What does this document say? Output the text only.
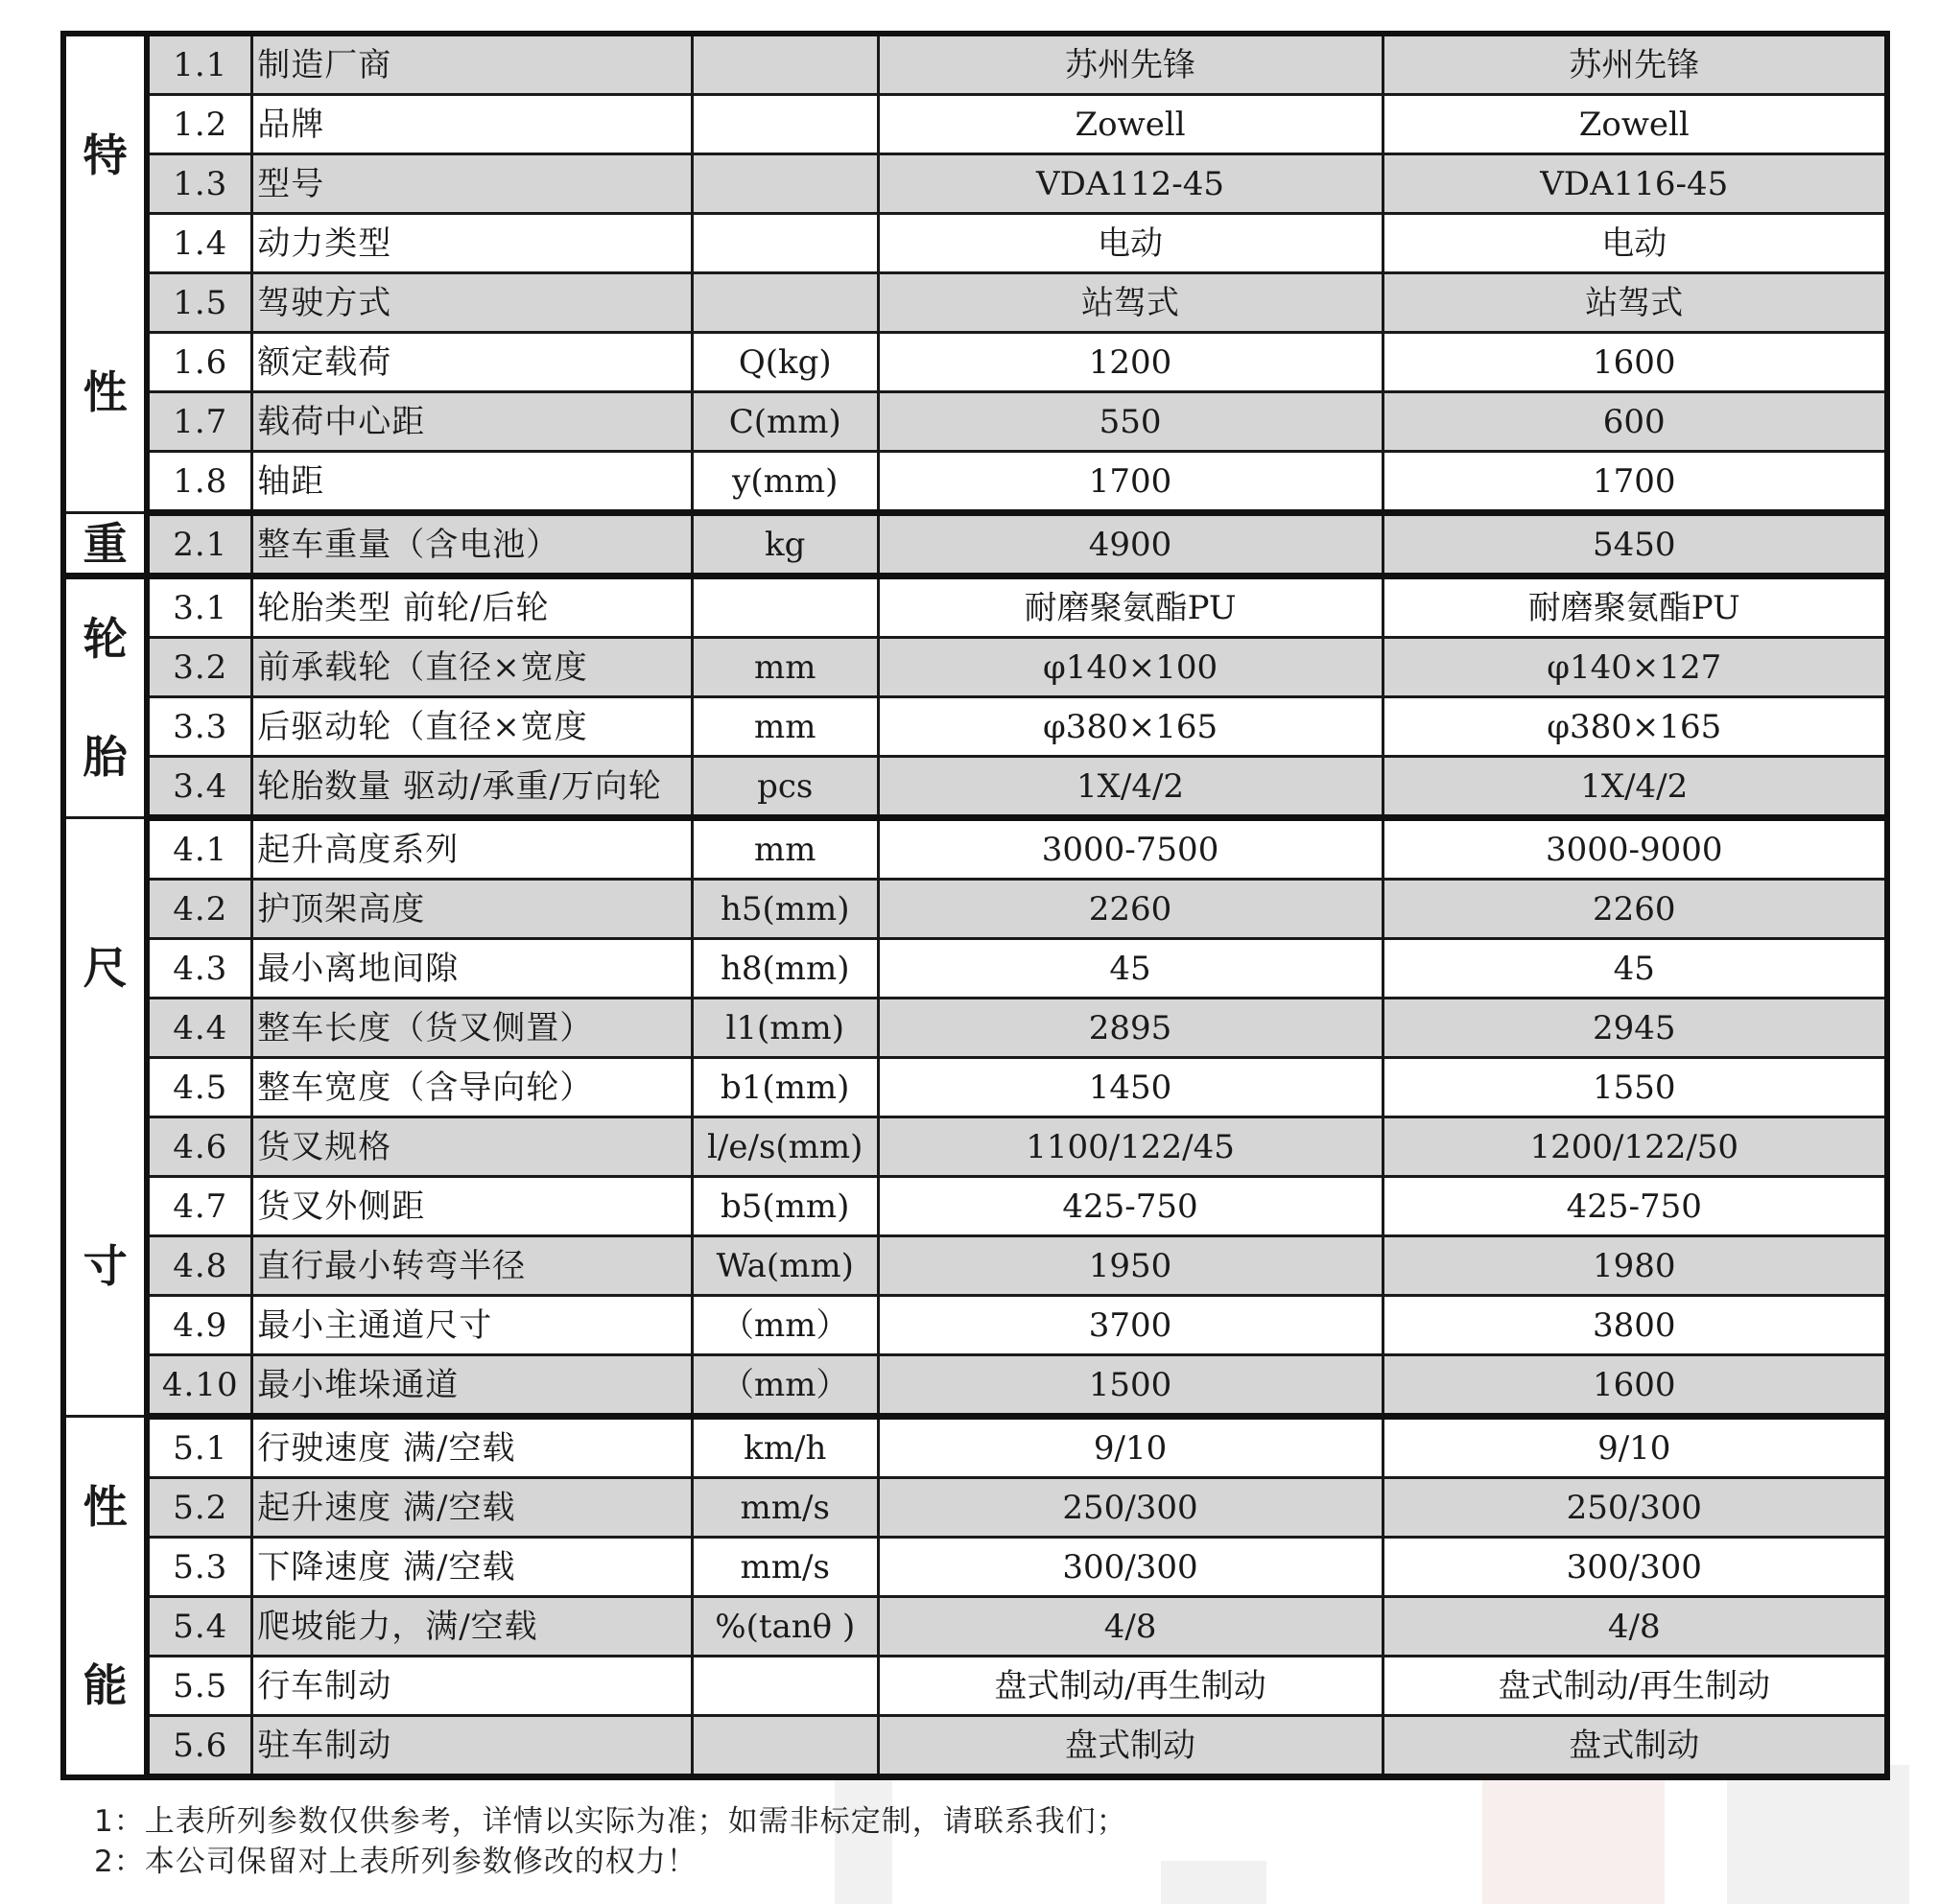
特
性	1.1	制造厂商		苏州先锋	苏州先锋
	1.2	品牌		Zowell	Zowell
	1.3	型号		VDA112-45	VDA116-45
	1.4	动力类型		电动	电动
	1.5	驾驶方式		站驾式	站驾式
	1.6	额定载荷	Q(kg)	1200	1600
	1.7	载荷中心距	C(mm)	550	600
	1.8	轴距	y(mm)	1700	1700

重	2.1	整车重量（含电池）	kg	4900	5450

轮
胎	3.1	轮胎类型 前轮/后轮		耐磨聚氨酯PU	耐磨聚氨酯PU
	3.2	前承载轮（直径×宽度	mm	φ140×100	φ140×127
	3.3	后驱动轮（直径×宽度	mm	φ380×165	φ380×165
	3.4	轮胎数量 驱动/承重/万向轮	pcs	1X/4/2	1X/4/2

尺
寸	4.1	起升高度系列	mm	3000-7500	3000-9000
	4.2	护顶架高度	h5(mm)	2260	2260
	4.3	最小离地间隙	h8(mm)	45	45
	4.4	整车长度（货叉侧置）	l1(mm)	2895	2945
	4.5	整车宽度（含导向轮）	b1(mm)	1450	1550
	4.6	货叉规格	l/e/s(mm)	1100/122/45	1200/122/50
	4.7	货叉外侧距	b5(mm)	425-750	425-750
	4.8	直行最小转弯半径	Wa(mm)	1950	1980
	4.9	最小主通道尺寸	（mm）	3700	3800
	4.10	最小堆垛通道	（mm）	1500	1600

性
能	5.1	行驶速度 满/空载	km/h	9/10	9/10
	5.2	起升速度 满/空载	mm/s	250/300	250/300
	5.3	下降速度 满/空载	mm/s	300/300	300/300
	5.4	爬坡能力，满/空载	%(tanθ )	4/8	4/8
	5.5	行车制动		盘式制动/再生制动	盘式制动/再生制动
	5.6	驻车制动		盘式制动	盘式制动
1：上表所列参数仅供参考，详情以实际为准；如需非标定制，请联系我们；
2：本公司保留对上表所列参数修改的权力！
